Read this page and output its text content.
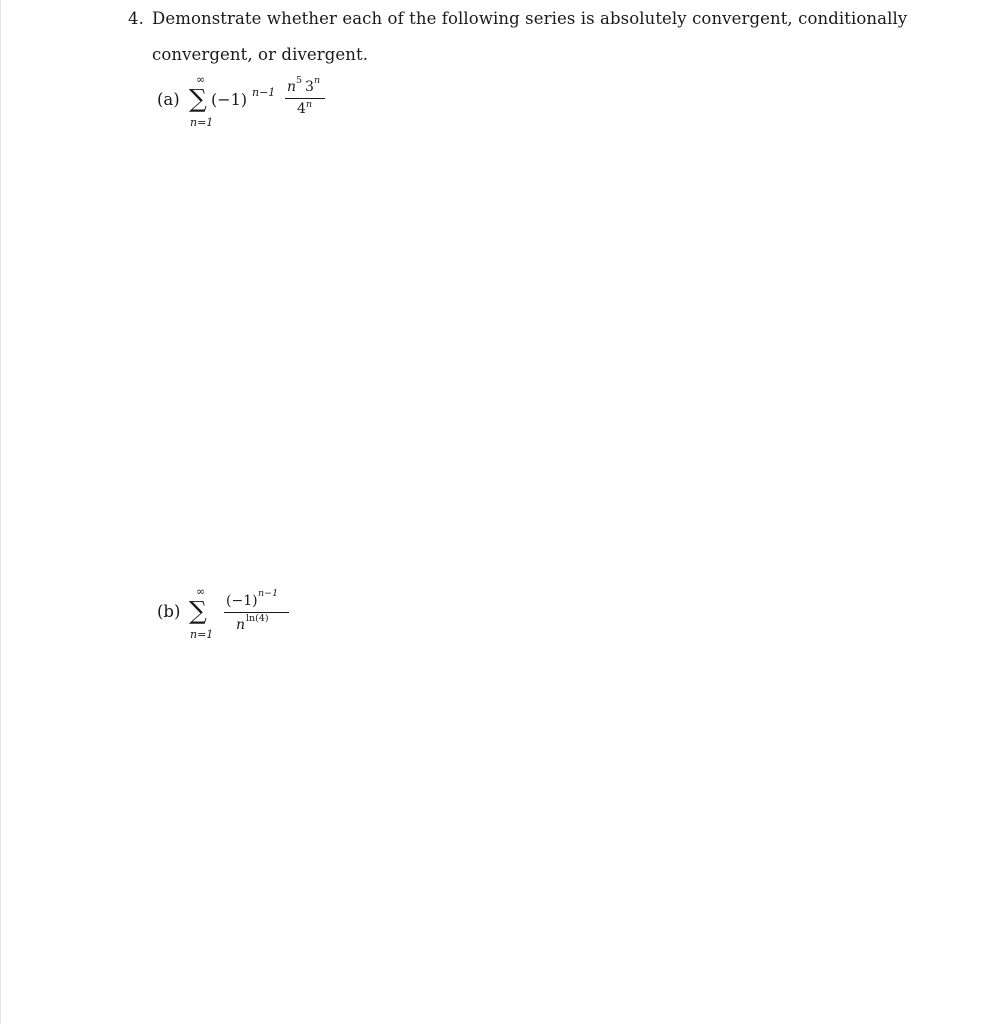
4. Demonstrate whether each of the following series is absolutely convergent, conditionally
convergent, or divergent.
(a)
∞
∑
n=1
(−1) n−1 n 5 3 n
4 n
(b)
∞
∑
n=1
(−1) n−1
n ln(4)
